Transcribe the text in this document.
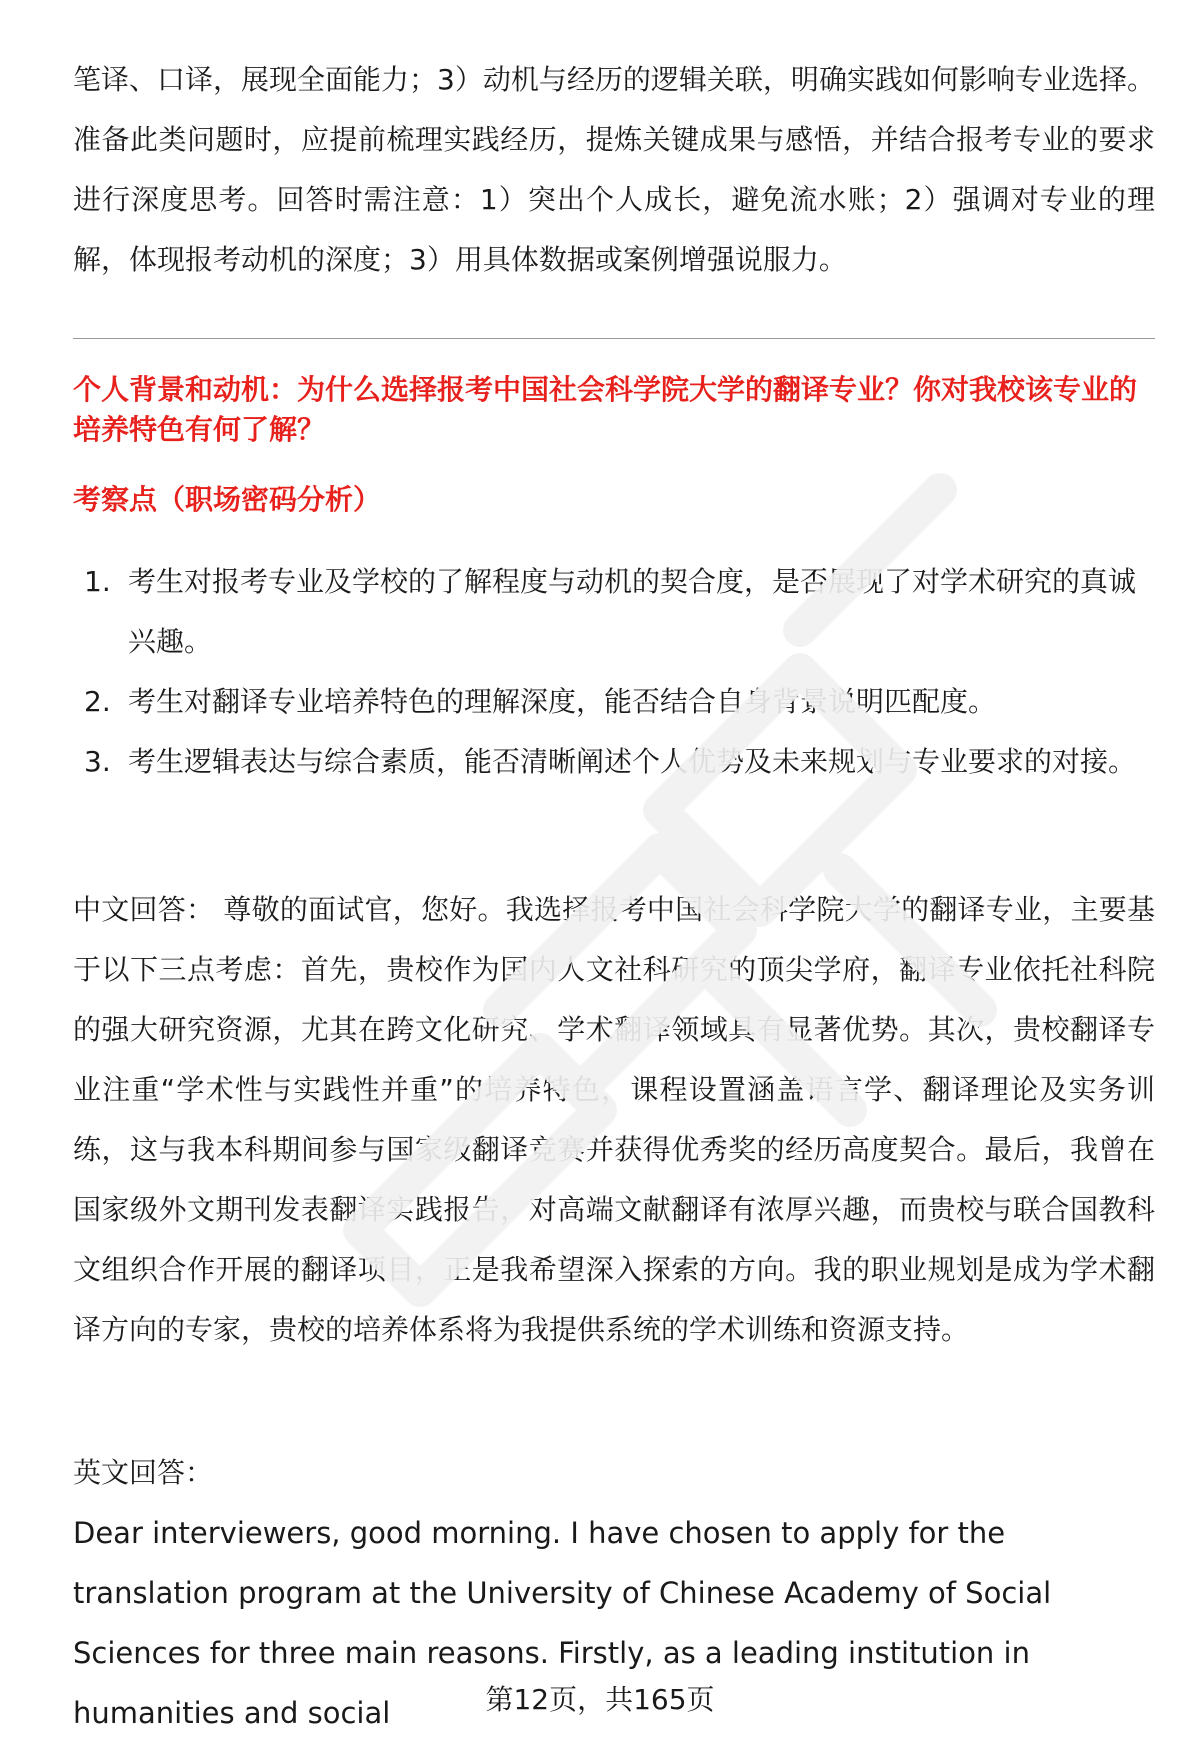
笔译、口译，展现全面能力；3）动机与经历的逻辑关联，明确实践如何影响专业选择。准备此类问题时，应提前梳理实践经历，提炼关键成果与感悟，并结合报考专业的要求进行深度思考。回答时需注意：1）突出个人成长，避免流水账；2）强调对专业的理解，体现报考动机的深度；3）用具体数据或案例增强说服力。

个人背景和动机：为什么选择报考中国社会科学院大学的翻译专业？你对我校该专业的培养特色有何了解？

考察点（职场密码分析）

1. 考生对报考专业及学校的了解程度与动机的契合度，是否展现了对学术研究的真诚兴趣。
2. 考生对翻译专业培养特色的理解深度，能否结合自身背景说明匹配度。
3. 考生逻辑表达与综合素质，能否清晰阐述个人优势及未来规划与专业要求的对接。

中文回答： 尊敬的面试官，您好。我选择报考中国社会科学院大学的翻译专业，主要基于以下三点考虑：首先，贵校作为国内人文社科研究的顶尖学府，翻译专业依托社科院的强大研究资源，尤其在跨文化研究、学术翻译领域具有显著优势。其次，贵校翻译专业注重“学术性与实践性并重”的培养特色，课程设置涵盖语言学、翻译理论及实务训练，这与我本科期间参与国家级翻译竞赛并获得优秀奖的经历高度契合。最后，我曾在国家级外文期刊发表翻译实践报告，对高端文献翻译有浓厚兴趣，而贵校与联合国教科文组织合作开展的翻译项目，正是我希望深入探索的方向。我的职业规划是成为学术翻译方向的专家，贵校的培养体系将为我提供系统的学术训练和资源支持。

英文回答：

Dear interviewers, good morning. I have chosen to apply for the translation program at the University of Chinese Academy of Social Sciences for three main reasons. Firstly, as a leading institution in humanities and social	第12页，共165页
